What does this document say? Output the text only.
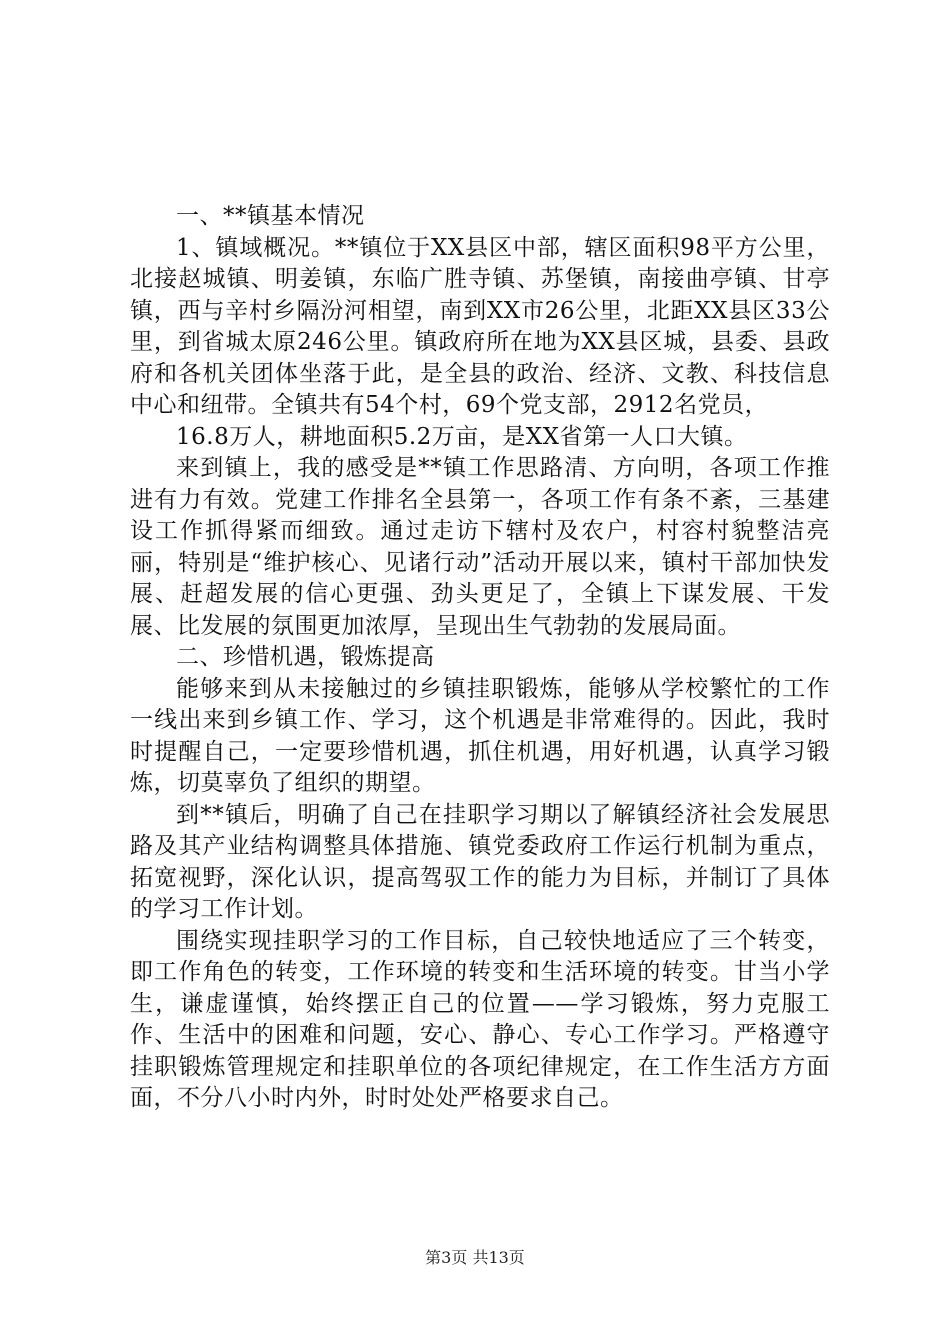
一、**镇基本情况

1、镇域概况。**镇位于XX县区中部，辖区面积98平方公里，北接赵城镇、明姜镇，东临广胜寺镇、苏堡镇，南接曲亭镇、甘亭镇，西与辛村乡隔汾河相望，南到XX市26公里，北距XX县区33公里，到省城太原246公里。镇政府所在地为XX县区城，县委、县政府和各机关团体坐落于此，是全县的政治、经济、文教、科技信息中心和纽带。全镇共有54个村，69个党支部，2912名党员，

16.8万人，耕地面积5.2万亩，是XX省第一人口大镇。

来到镇上，我的感受是**镇工作思路清、方向明，各项工作推进有力有效。党建工作排名全县第一，各项工作有条不紊，三基建设工作抓得紧而细致。通过走访下辖村及农户，村容村貌整洁亮丽，特别是“维护核心、见诸行动”活动开展以来，镇村干部加快发展、赶超发展的信心更强、劲头更足了，全镇上下谋发展、干发展、比发展的氛围更加浓厚，呈现出生气勃勃的发展局面。

二、珍惜机遇，锻炼提高

能够来到从未接触过的乡镇挂职锻炼，能够从学校繁忙的工作一线出来到乡镇工作、学习，这个机遇是非常难得的。因此，我时时提醒自己，一定要珍惜机遇，抓住机遇，用好机遇，认真学习锻炼，切莫辜负了组织的期望。

到**镇后，明确了自己在挂职学习期以了解镇经济社会发展思路及其产业结构调整具体措施、镇党委政府工作运行机制为重点，拓宽视野，深化认识，提高驾驭工作的能力为目标，并制订了具体的学习工作计划。

围绕实现挂职学习的工作目标，自己较快地适应了三个转变，即工作角色的转变，工作环境的转变和生活环境的转变。甘当小学生，谦虚谨慎，始终摆正自己的位置——学习锻炼，努力克服工作、生活中的困难和问题，安心、静心、专心工作学习。严格遵守挂职锻炼管理规定和挂职单位的各项纪律规定，在工作生活方方面面，不分八小时内外，时时处处严格要求自己。

第3页 共13页
